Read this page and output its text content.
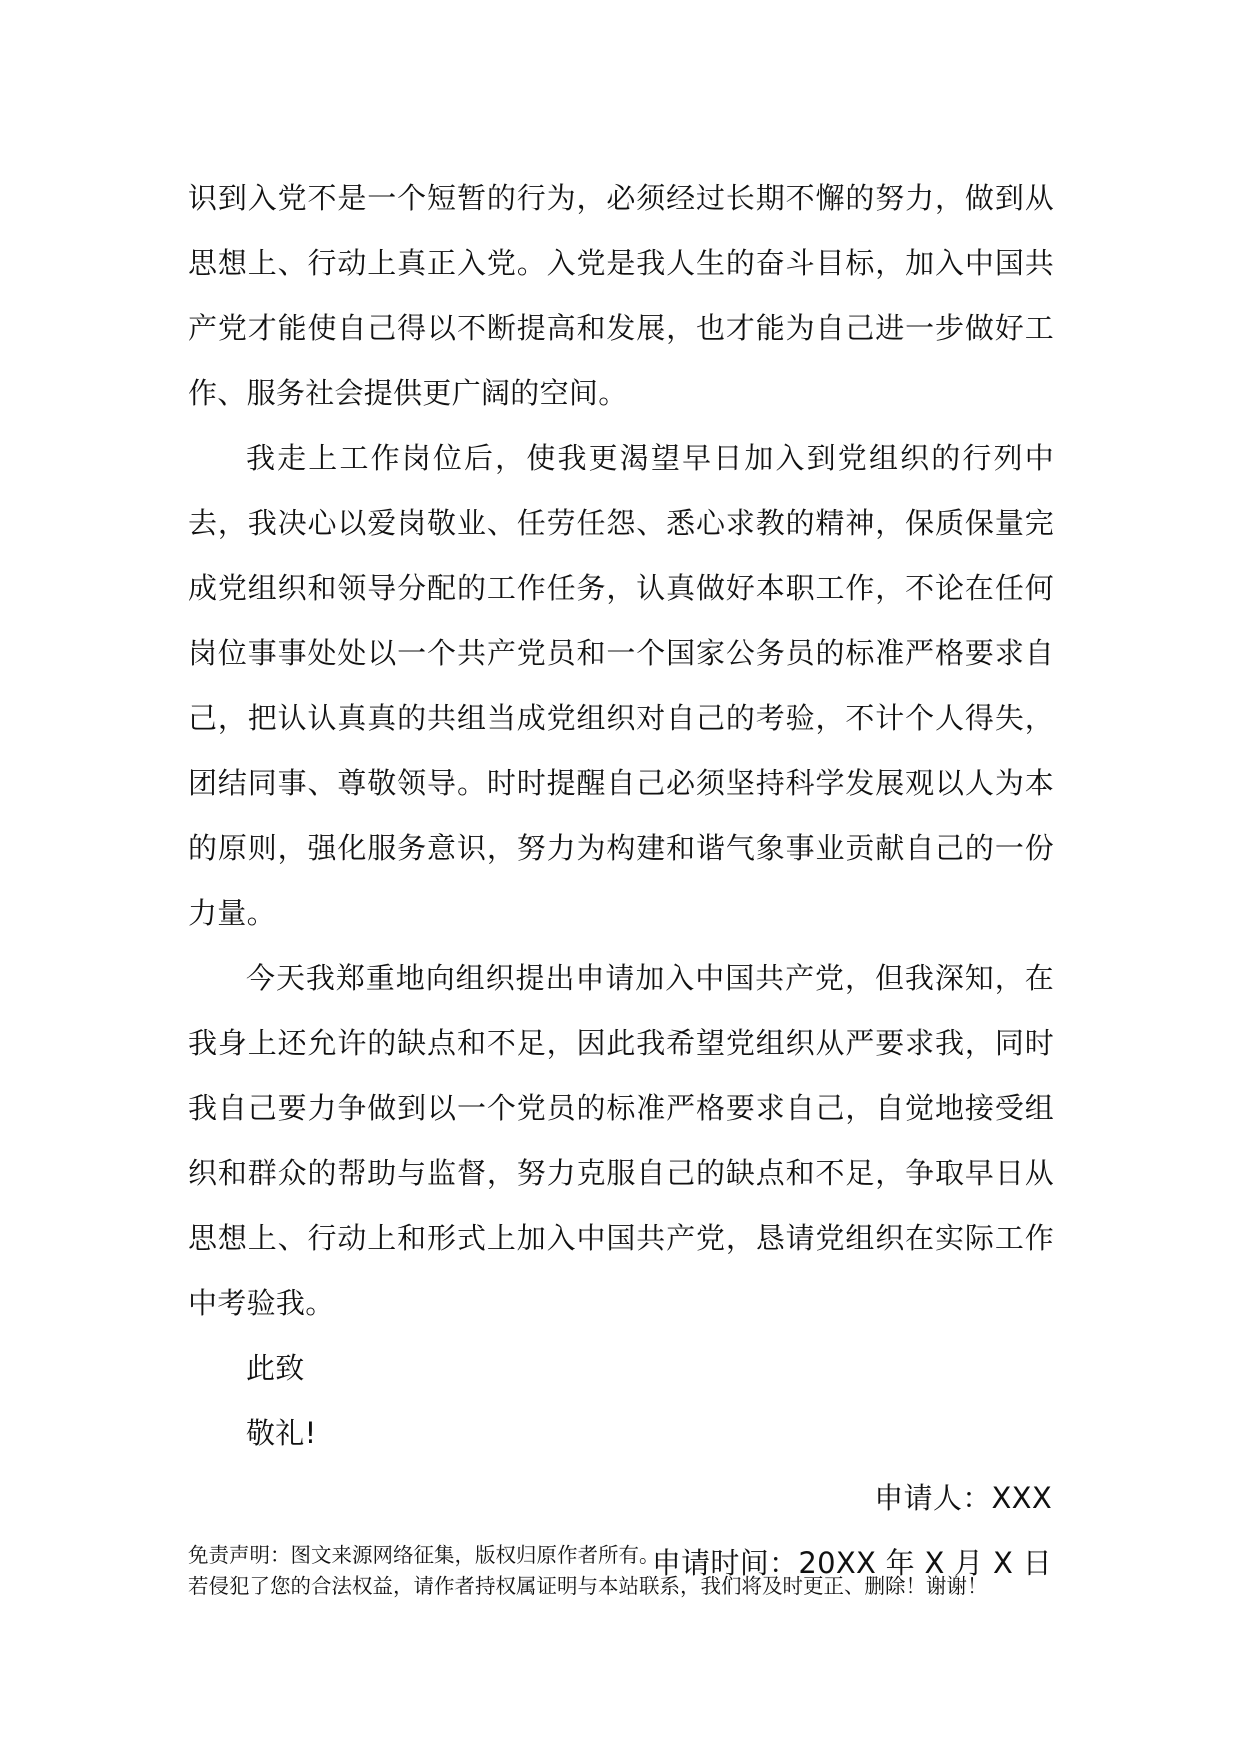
识到入党不是一个短暂的行为，必须经过长期不懈的努力，做到从思想上、行动上真正入党。入党是我人生的奋斗目标，加入中国共产党才能使自己得以不断提高和发展，也才能为自己进一步做好工作、服务社会提供更广阔的空间。

我走上工作岗位后，使我更渴望早日加入到党组织的行列中去，我决心以爱岗敬业、任劳任怨、悉心求教的精神，保质保量完成党组织和领导分配的工作任务，认真做好本职工作，不论在任何岗位事事处处以一个共产党员和一个国家公务员的标准严格要求自己，把认认真真的共组当成党组织对自己的考验，不计个人得失，团结同事、尊敬领导。时时提醒自己必须坚持科学发展观以人为本的原则，强化服务意识，努力为构建和谐气象事业贡献自己的一份力量。

今天我郑重地向组织提出申请加入中国共产党，但我深知，在我身上还允许的缺点和不足，因此我希望党组织从严要求我，同时我自己要力争做到以一个党员的标准严格要求自己，自觉地接受组织和群众的帮助与监督，努力克服自己的缺点和不足，争取早日从思想上、行动上和形式上加入中国共产党，恳请党组织在实际工作中考验我。

此致

敬礼!

申请人：XXX

申请时间：20XX 年 X 月 X 日

免责声明：图文来源网络征集，版权归原作者所有。

若侵犯了您的合法权益，请作者持权属证明与本站联系，我们将及时更正、删除！谢谢！
